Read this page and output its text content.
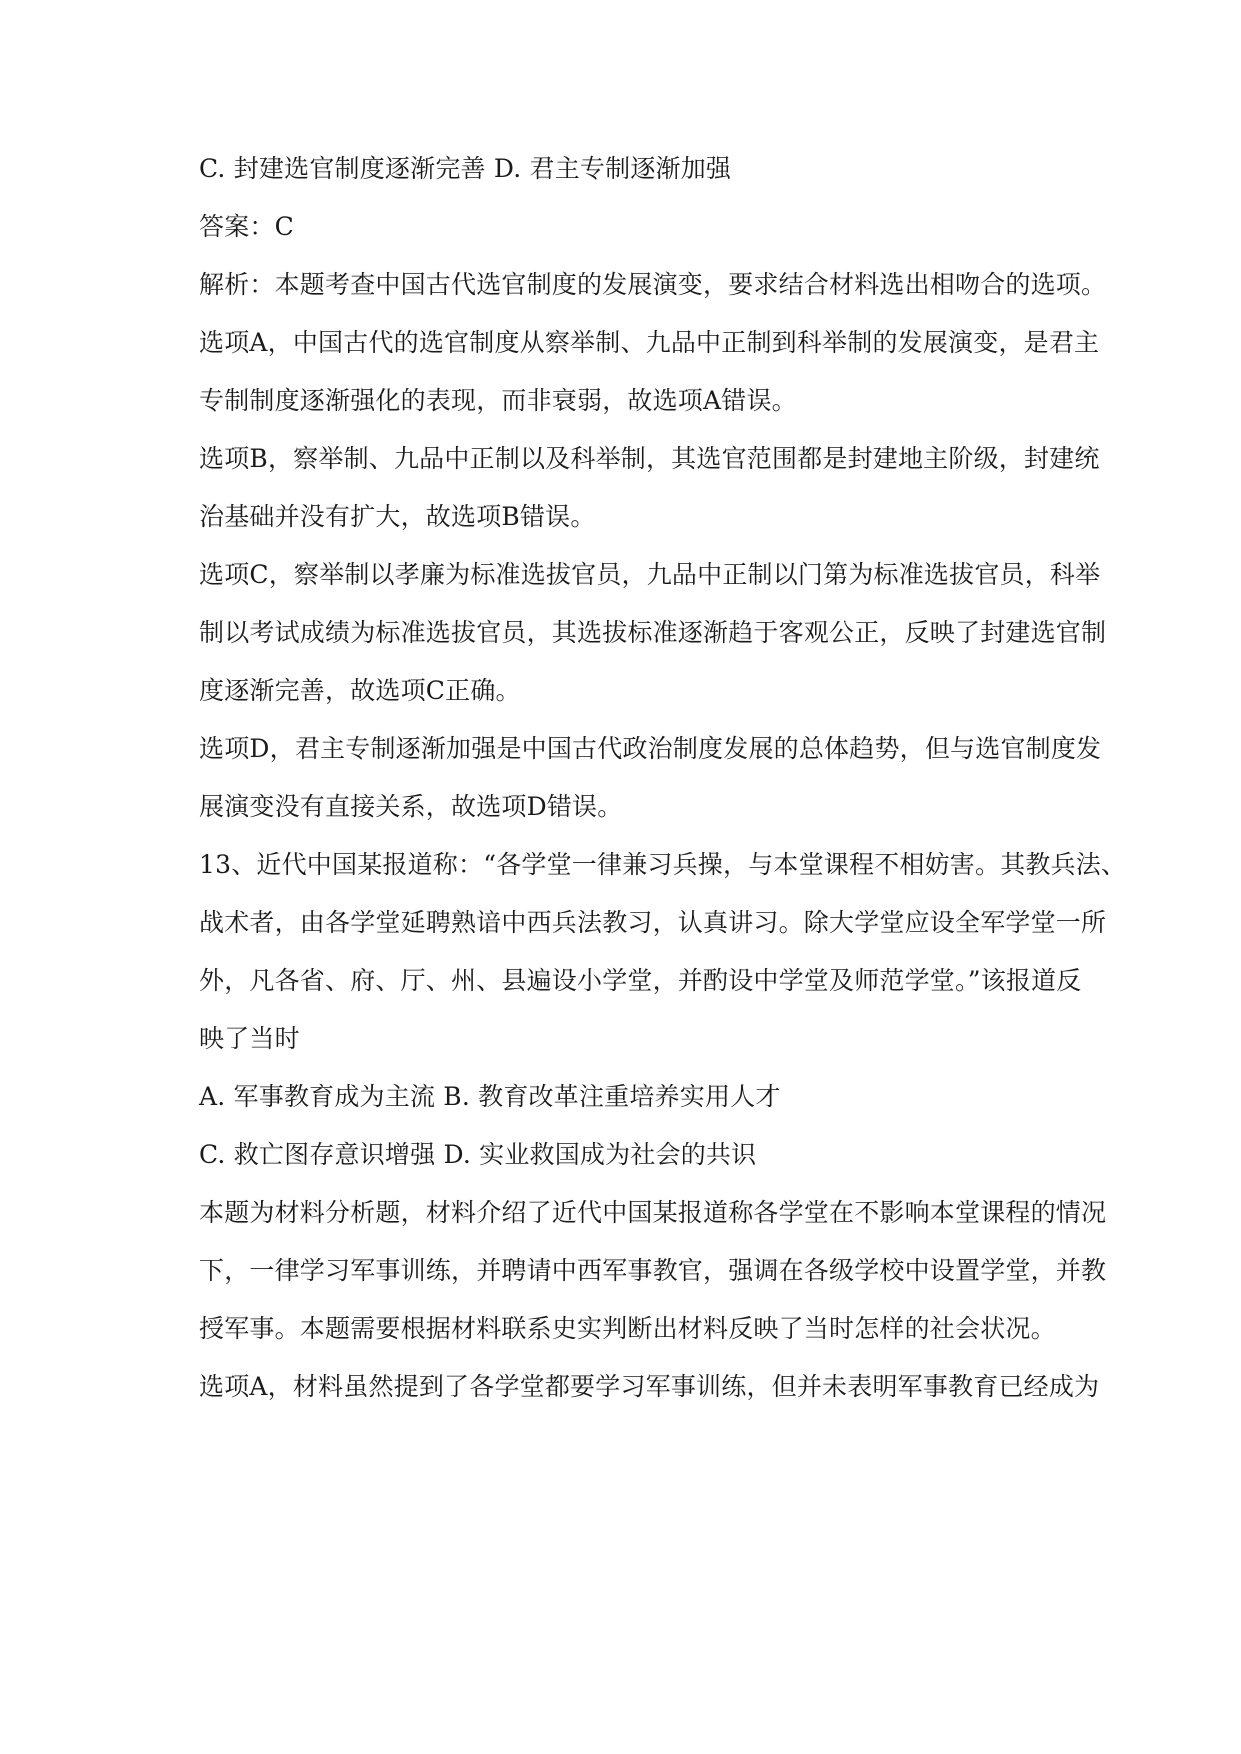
C. 封建选官制度逐渐完善 D. 君主专制逐渐加强
答案：C
解析：本题考查中国古代选官制度的发展演变，要求结合材料选出相吻合的选项。
选项A，中国古代的选官制度从察举制、九品中正制到科举制的发展演变，是君主
专制制度逐渐强化的表现，而非衰弱，故选项A错误。
选项B，察举制、九品中正制以及科举制，其选官范围都是封建地主阶级，封建统
治基础并没有扩大，故选项B错误。
选项C，察举制以孝廉为标准选拔官员，九品中正制以门第为标准选拔官员，科举
制以考试成绩为标准选拔官员，其选拔标准逐渐趋于客观公正，反映了封建选官制
度逐渐完善，故选项C正确。
选项D，君主专制逐渐加强是中国古代政治制度发展的总体趋势，但与选官制度发
展演变没有直接关系，故选项D错误。
13、近代中国某报道称：“各学堂一律兼习兵操，与本堂课程不相妨害。其教兵法、
战术者，由各学堂延聘熟谙中西兵法教习，认真讲习。除大学堂应设全军学堂一所
外，凡各省、府、厅、州、县遍设小学堂，并酌设中学堂及师范学堂。”该报道反
映了当时
A. 军事教育成为主流 B. 教育改革注重培养实用人才
C. 救亡图存意识增强 D. 实业救国成为社会的共识
本题为材料分析题，材料介绍了近代中国某报道称各学堂在不影响本堂课程的情况
下，一律学习军事训练，并聘请中西军事教官，强调在各级学校中设置学堂，并教
授军事。本题需要根据材料联系史实判断出材料反映了当时怎样的社会状况。
选项A，材料虽然提到了各学堂都要学习军事训练，但并未表明军事教育已经成为
